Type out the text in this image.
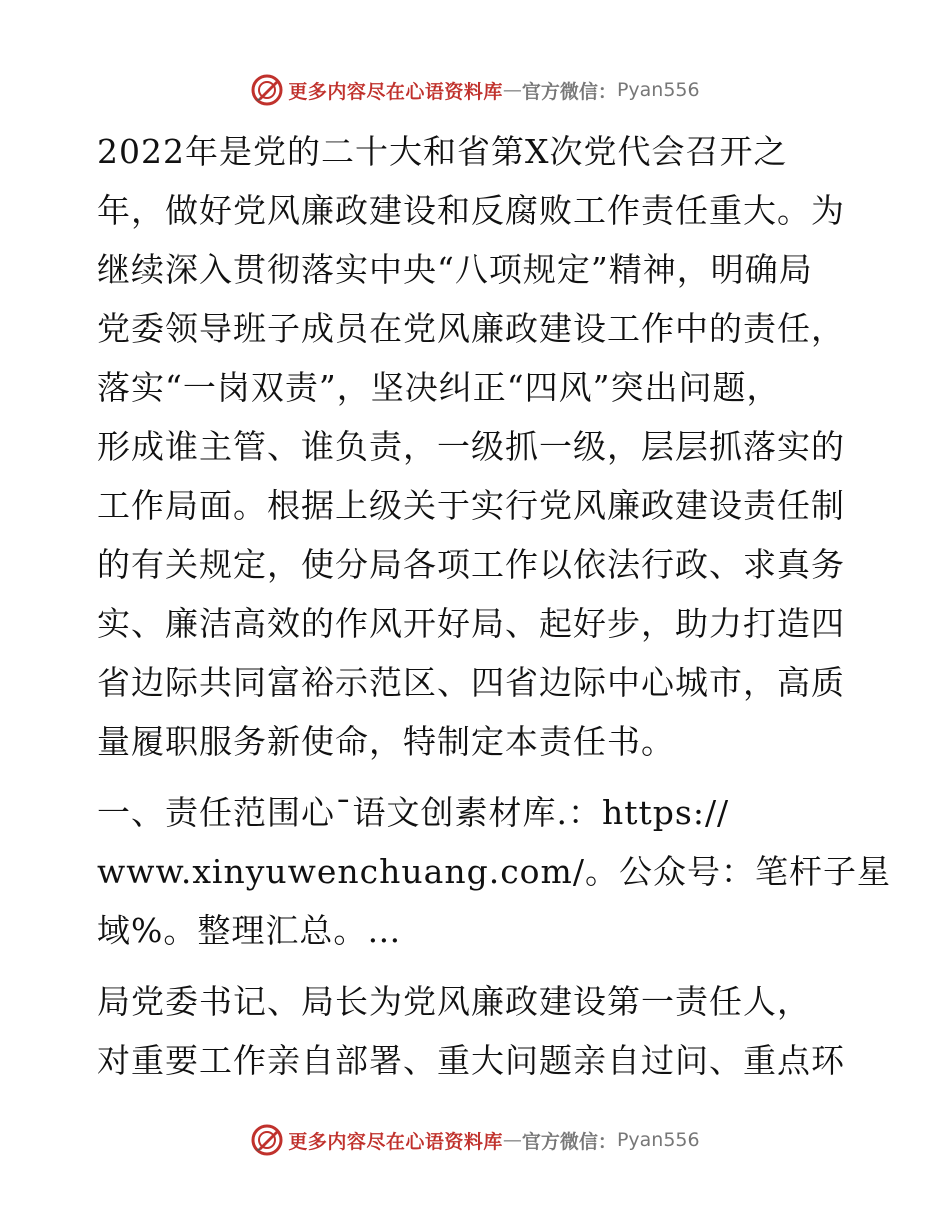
更多内容尽在心语资料库 — 官方微信： Pyan556
2022年是党的二十大和省第X次党代会召开之
年，做好党风廉政建设和反腐败工作责任重大。为
继续深入贯彻落实中央“八项规定”精神，明确局
党委领导班子成员在党风廉政建设工作中的责任，
落实“一岗双责”，坚决纠正“四风”突出问题，
形成谁主管、谁负责，一级抓一级，层层抓落实的
工作局面。根据上级关于实行党风廉政建设责任制
的有关规定，使分局各项工作以依法行政、求真务
实、廉洁高效的作风开好局、起好步，助力打造四
省边际共同富裕示范区、四省边际中心城市，高质
量履职服务新使命，特制定本责任书。
一、责任范围心¯语文创素材库.：https://
www.xinyuwenchuang.com/。公众号：笔杆子星
域%。整理汇总。…
局党委书记、局长为党风廉政建设第一责任人，
对重要工作亲自部署、重大问题亲自过问、重点环
更多内容尽在心语资料库 — 官方微信： Pyan556
